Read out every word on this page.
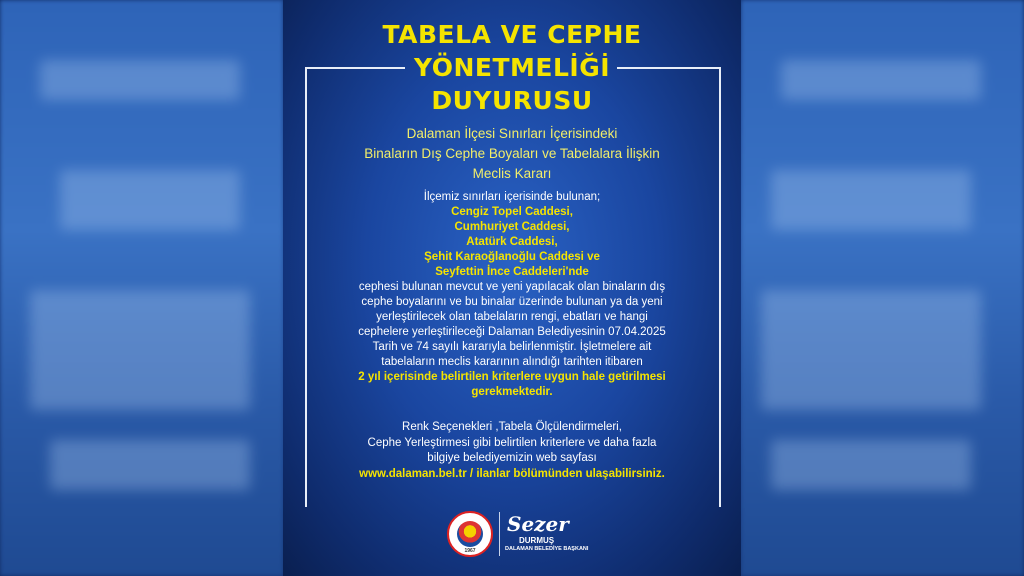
TABELA VE CEPHE
YÖNETMELİĞİ
DUYURUSU
Dalaman İlçesi Sınırları İçerisindeki
Binaların Dış Cephe Boyaları ve Tabelalara İlişkin
Meclis Kararı
İlçemiz sınırları içerisinde bulunan;
Cengiz Topel Caddesi,
Cumhuriyet Caddesi,
Atatürk Caddesi,
Şehit Karaoğlanoğlu Caddesi ve
Seyfettin İnce Caddeleri'nde
cephesi bulunan mevcut ve yeni yapılacak olan binaların dış
cephe boyalarını ve bu binalar üzerinde bulunan ya da yeni
yerleştirilecek olan tabelaların rengi, ebatları ve hangi
cephelere yerleştirileceği Dalaman Belediyesinin 07.04.2025
Tarih ve 74 sayılı kararıyla belirlenmiştir. İşletmelere ait
tabelaların meclis kararının alındığı tarihten itibaren
2 yıl içerisinde belirtilen kriterlere uygun hale getirilmesi
gerekmektedir.
Renk Seçenekleri ,Tabela Ölçülendirmeleri,
Cephe Yerleştirmesi gibi belirtilen kriterlere ve daha fazla
bilgiye belediyemizin web sayfası
www.dalaman.bel.tr / ilanlar bölümünden ulaşabilirsiniz.
1967
Sezer
DURMUŞ
DALAMAN BELEDİYE BAŞKANI
